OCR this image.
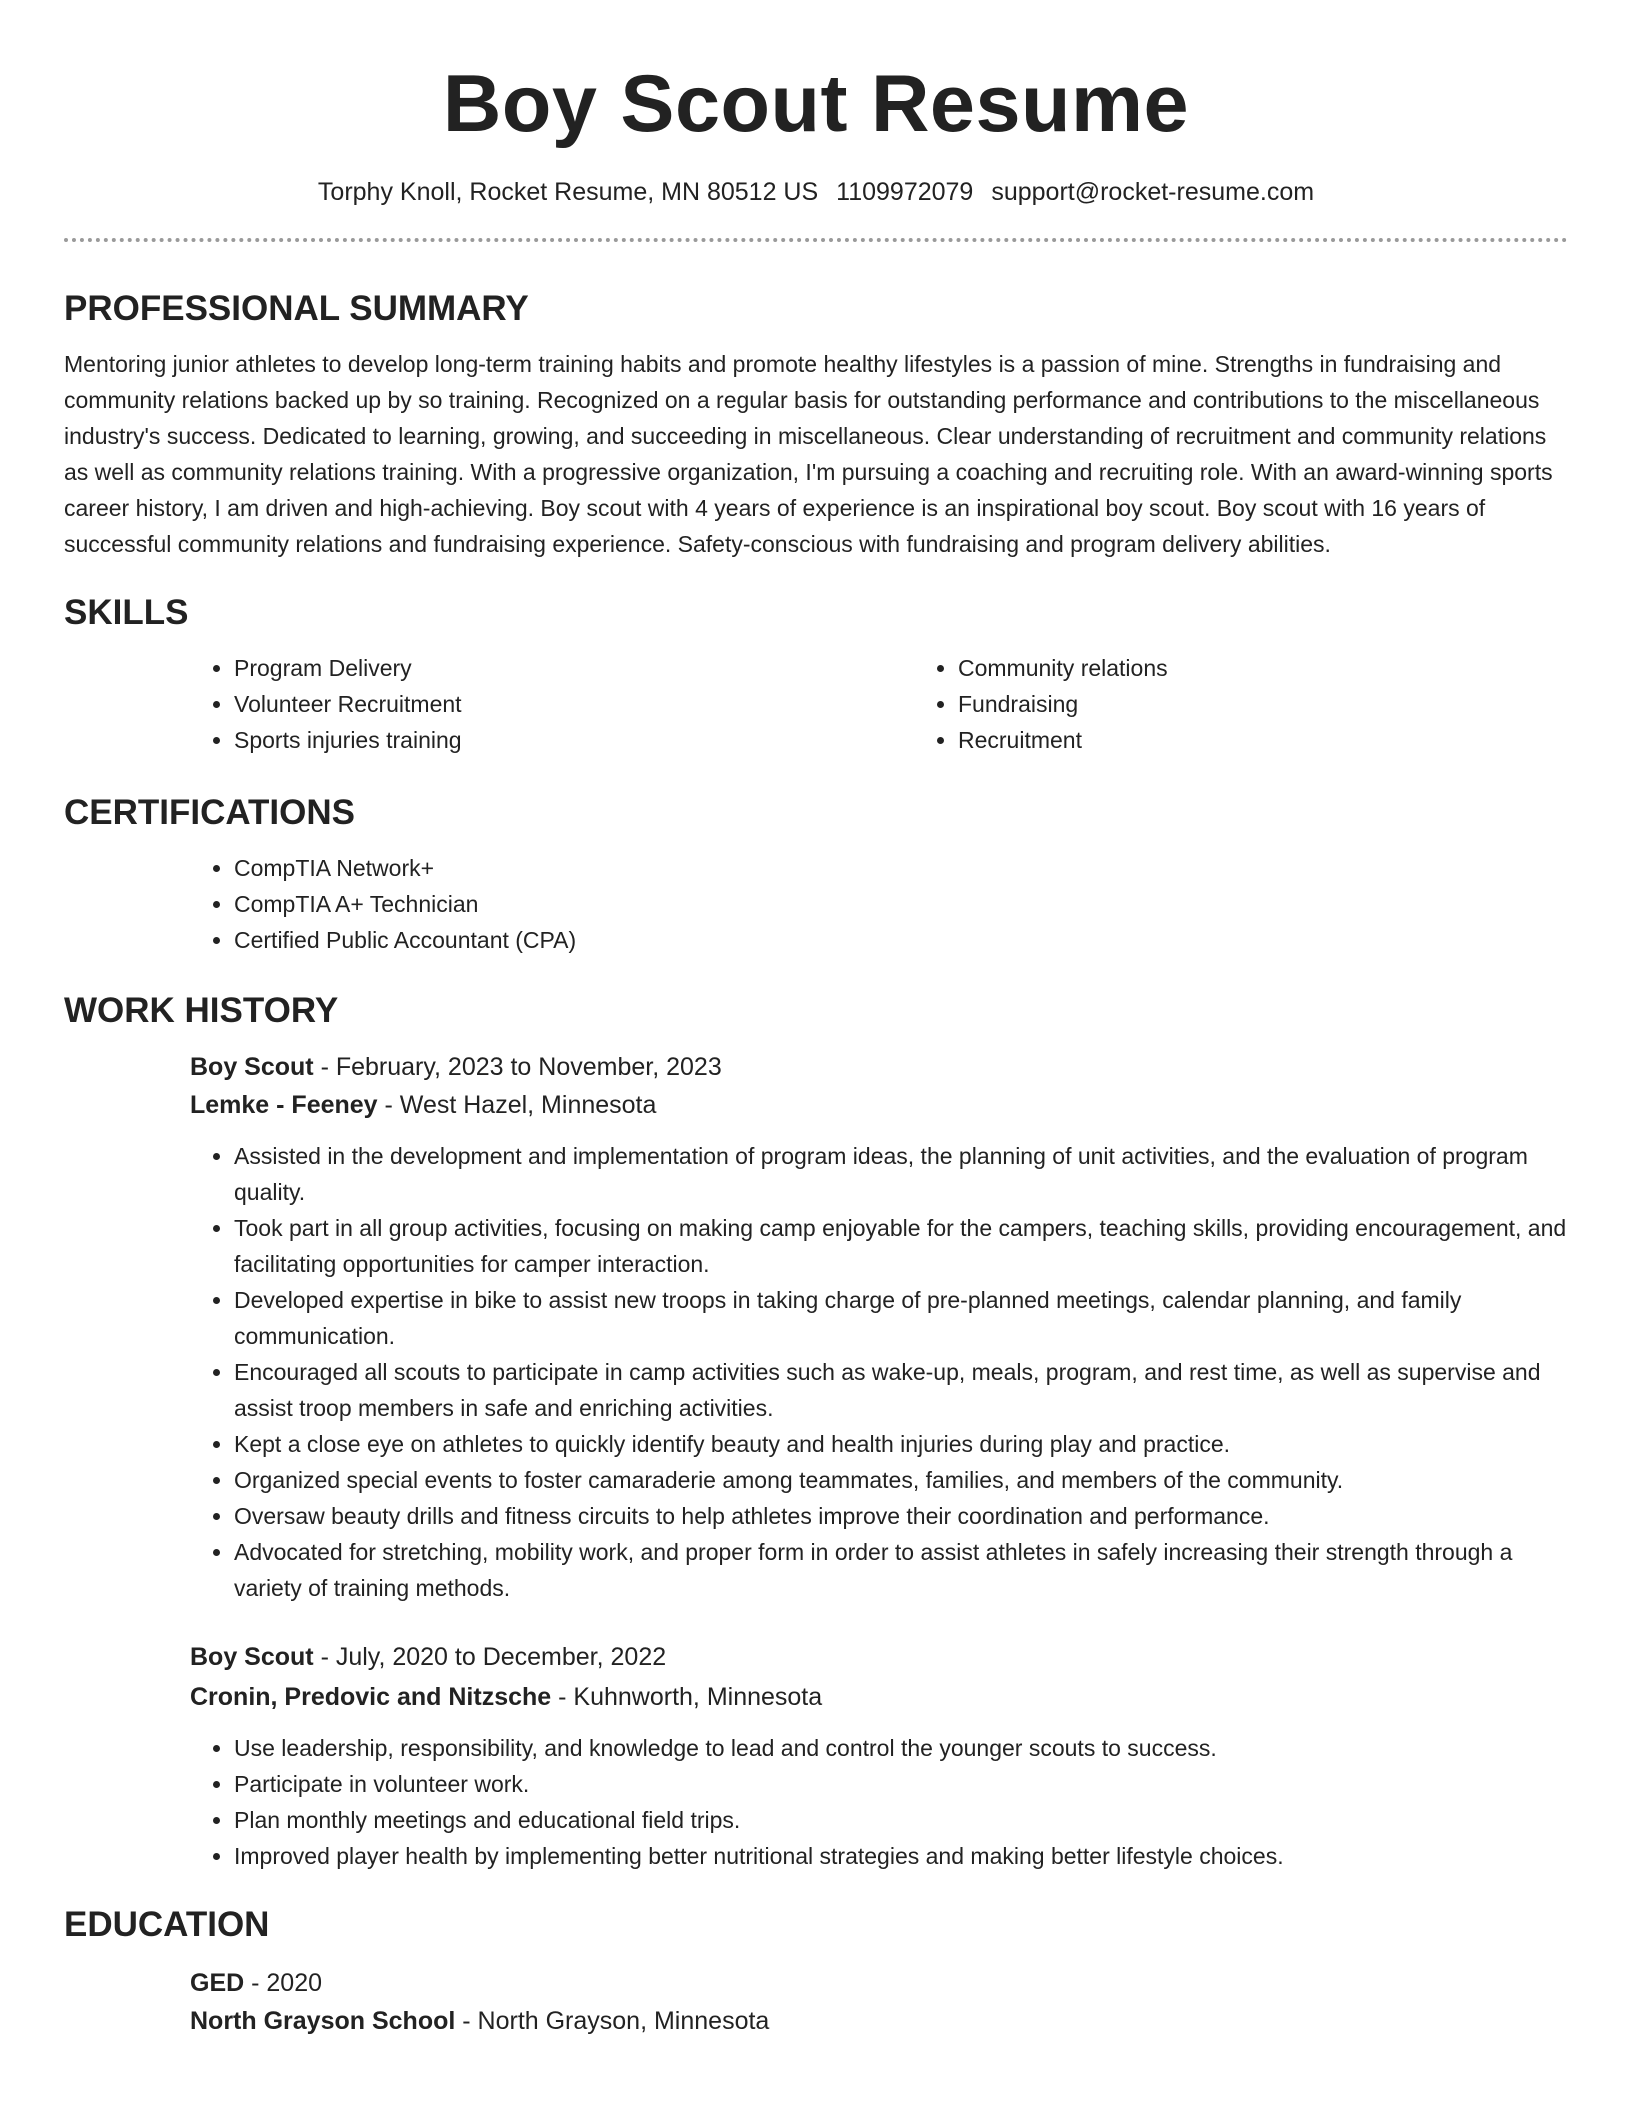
Boy Scout Resume
Torphy Knoll, Rocket Resume, MN 80512 US 1109972079 support@rocket-resume.com
PROFESSIONAL SUMMARY

Mentoring junior athletes to develop long-term training habits and promote healthy lifestyles is a passion of mine. Strengths in fundraising and community relations backed up by so training. Recognized on a regular basis for outstanding performance and contributions to the miscellaneous industry's success. Dedicated to learning, growing, and succeeding in miscellaneous. Clear understanding of recruitment and community relations as well as community relations training. With a progressive organization, I'm pursuing a coaching and recruiting role. With an award-winning sports career history, I am driven and high-achieving. Boy scout with 4 years of experience is an inspirational boy scout. Boy scout with 16 years of successful community relations and fundraising experience. Safety-conscious with fundraising and program delivery abilities.

SKILLS
• Program Delivery
• Volunteer Recruitment
• Sports injuries training
• Community relations
• Fundraising
• Recruitment
CERTIFICATIONS
• CompTIA Network+
• CompTIA A+ Technician
• Certified Public Accountant (CPA)
WORK HISTORY
Boy Scout - February, 2023 to November, 2023
Lemke - Feeney - West Hazel, Minnesota
• Assisted in the development and implementation of program ideas, the planning of unit activities, and the evaluation of program quality.
• Took part in all group activities, focusing on making camp enjoyable for the campers, teaching skills, providing encouragement, and facilitating opportunities for camper interaction.
• Developed expertise in bike to assist new troops in taking charge of pre-planned meetings, calendar planning, and family communication.
• Encouraged all scouts to participate in camp activities such as wake-up, meals, program, and rest time, as well as supervise and assist troop members in safe and enriching activities.
• Kept a close eye on athletes to quickly identify beauty and health injuries during play and practice.
• Organized special events to foster camaraderie among teammates, families, and members of the community.
• Oversaw beauty drills and fitness circuits to help athletes improve their coordination and performance.
• Advocated for stretching, mobility work, and proper form in order to assist athletes in safely increasing their strength through a variety of training methods.
Boy Scout - July, 2020 to December, 2022
Cronin, Predovic and Nitzsche - Kuhnworth, Minnesota
• Use leadership, responsibility, and knowledge to lead and control the younger scouts to success.
• Participate in volunteer work.
• Plan monthly meetings and educational field trips.
• Improved player health by implementing better nutritional strategies and making better lifestyle choices.
EDUCATION
GED - 2020
North Grayson School - North Grayson, Minnesota
